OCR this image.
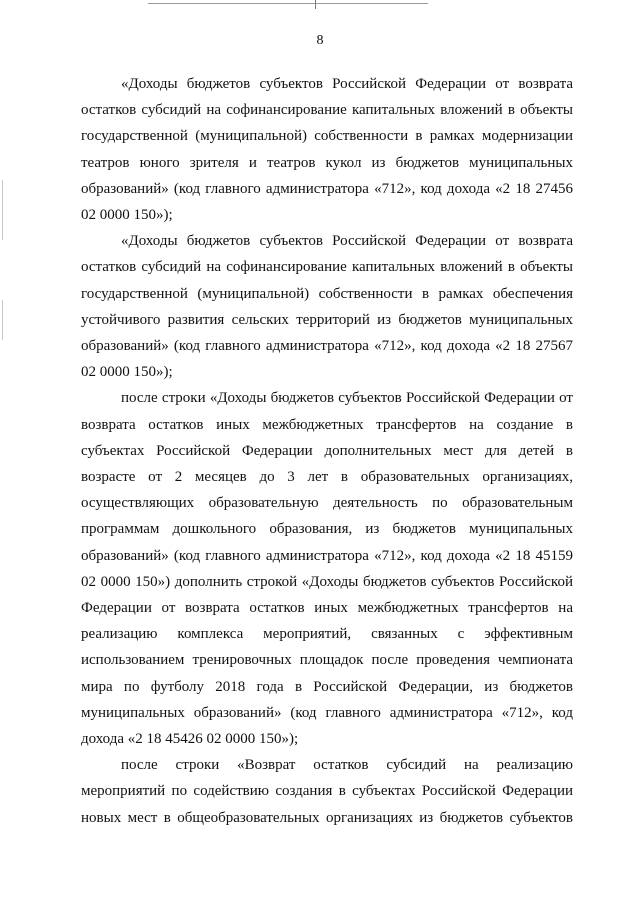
8

«Доходы бюджетов субъектов Российской Федерации от возврата остатков субсидий на софинансирование капитальных вложений в объекты государственной (муниципальной) собственности в рамках модернизации театров юного зрителя и театров кукол из бюджетов муниципальных образований» (код главного администратора «712», код дохода «2 18 27456 02 0000 150»);

«Доходы бюджетов субъектов Российской Федерации от возврата остатков субсидий на софинансирование капитальных вложений в объекты государственной (муниципальной) собственности в рамках обеспечения устойчивого развития сельских территорий из бюджетов муниципальных образований» (код главного администратора «712», код дохода «2 18 27567 02 0000 150»);

после строки «Доходы бюджетов субъектов Российской Федерации от возврата остатков иных межбюджетных трансфертов на создание в субъектах Российской Федерации дополнительных мест для детей в возрасте от 2 месяцев до 3 лет в образовательных организациях, осуществляющих образовательную деятельность по образовательным программам дошкольного образования, из бюджетов муниципальных образований» (код главного администратора «712», код дохода «2 18 45159 02 0000 150») дополнить строкой «Доходы бюджетов субъектов Российской Федерации от возврата остатков иных межбюджетных трансфертов на реализацию комплекса мероприятий, связанных с эффективным использованием тренировочных площадок после проведения чемпионата мира по футболу 2018 года в Российской Федерации, из бюджетов муниципальных образований» (код главного администратора «712», код дохода «2 18 45426 02 0000 150»);

после строки «Возврат остатков субсидий на реализацию мероприятий по содействию создания в субъектах Российской Федерации новых мест в общеобразовательных организациях из бюджетов субъектов
